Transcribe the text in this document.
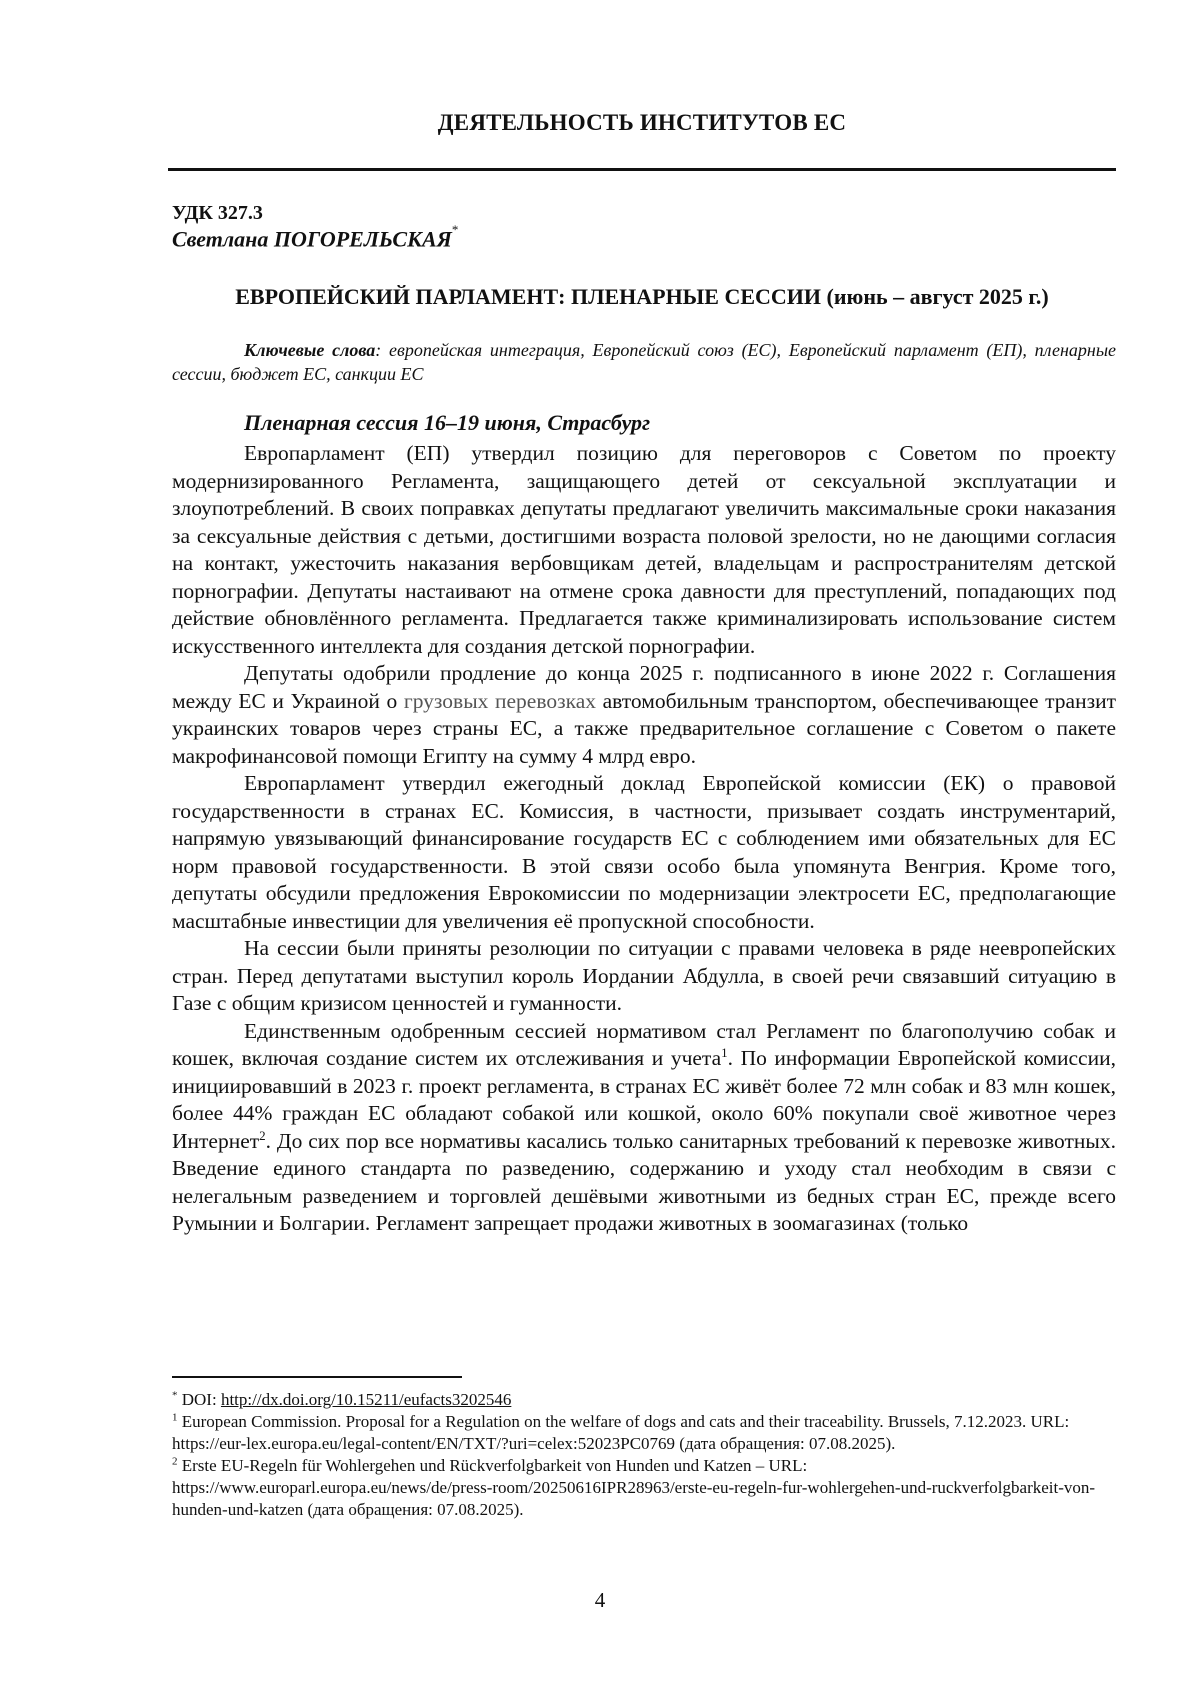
ДЕЯТЕЛЬНОСТЬ ИНСТИТУТОВ ЕС
УДК 327.3
Светлана ПОГОРЕЛЬСКАЯ*
ЕВРОПЕЙСКИЙ ПАРЛАМЕНТ: ПЛЕНАРНЫЕ СЕССИИ (июнь – август 2025 г.)
Ключевые слова: европейская интеграция, Европейский союз (ЕС), Европейский парламент (ЕП), пленарные сессии, бюджет ЕС, санкции ЕС
Пленарная сессия 16–19 июня, Страсбург

Европарламент (ЕП) утвердил позицию для переговоров с Советом по проекту модернизированного Регламента, защищающего детей от сексуальной эксплуатации и злоупотреблений. В своих поправках депутаты предлагают увеличить максимальные сроки наказания за сексуальные действия с детьми, достигшими возраста половой зрелости, но не дающими согласия на контакт, ужесточить наказания вербовщикам детей, владельцам и распространителям детской порнографии. Депутаты настаивают на отмене срока давности для преступлений, попадающих под действие обновлённого регламента. Предлагается также криминализировать использование систем искусственного интеллекта для создания детской порнографии.

Депутаты одобрили продление до конца 2025 г. подписанного в июне 2022 г. Соглашения между ЕС и Украиной о грузовых перевозках автомобильным транспортом, обеспечивающее транзит украинских товаров через страны ЕС, а также предварительное соглашение с Советом о пакете макрофинансовой помощи Египту на сумму 4 млрд евро.

Европарламент утвердил ежегодный доклад Европейской комиссии (ЕК) о правовой государственности в странах ЕС. Комиссия, в частности, призывает создать инструментарий, напрямую увязывающий финансирование государств ЕС с соблюдением ими обязательных для ЕС норм правовой государственности. В этой связи особо была упомянута Венгрия. Кроме того, депутаты обсудили предложения Еврокомиссии по модернизации электросети ЕС, предполагающие масштабные инвестиции для увеличения её пропускной способности.

На сессии были приняты резолюции по ситуации с правами человека в ряде неевропейских стран. Перед депутатами выступил король Иордании Абдулла, в своей речи связавший ситуацию в Газе с общим кризисом ценностей и гуманности.

Единственным одобренным сессией нормативом стал Регламент по благополучию собак и кошек, включая создание систем их отслеживания и учета$^1$. По информации Европейской комиссии, инициировавший в 2023 г. проект регламента, в странах ЕС живёт более 72 млн собак и 83 млн кошек, более 44% граждан ЕС обладают собакой или кошкой, около 60% покупали своё животное через Интернет$^2$. До сих пор все нормативы касались только санитарных требований к перевозке животных. Введение единого стандарта по разведению, содержанию и уходу стал необходим в связи с нелегальным разведением и торговлей дешёвыми животными из бедных стран ЕС, прежде всего Румынии и Болгарии. Регламент запрещает продажи животных в зоомагазинах (только

* DOI: http://dx.doi.org/10.15211/eufacts3202546

$^1$ European Commission. Proposal for a Regulation on the welfare of dogs and cats and their traceability. Brussels, 7.12.2023. URL: https://eur-lex.europa.eu/legal-content/EN/TXT/?uri=celex:52023PC0769 (дата обращения: 07.08.2025).

$^2$ Erste EU-Regeln für Wohlergehen und Rückverfolgbarkeit von Hunden und Katzen – URL:
https://www.europarl.europa.eu/news/de/press-room/20250616IPR28963/erste-eu-regeln-fur-wohlergehen-und-ruckverfolgbarkeit-von-hunden-und-katzen (дата обращения: 07.08.2025).

4
